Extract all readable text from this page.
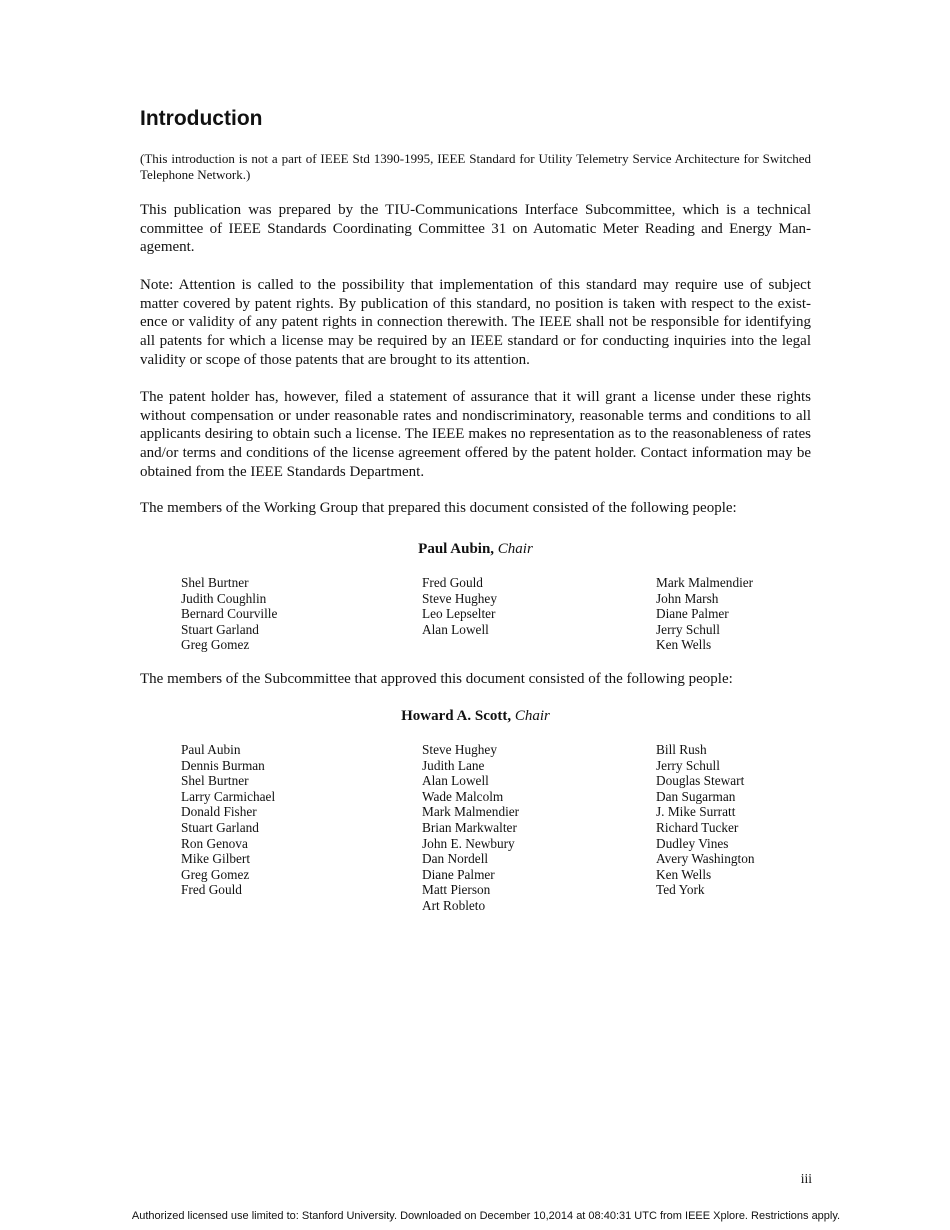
Introduction

(This introduction is not a part of IEEE Std 1390-1995, IEEE Standard for Utility Telemetry Service Architecture for Switched Telephone Network.)

This publication was prepared by the TIU-Communications Interface Subcommittee, which is a technical committee of IEEE Standards Coordinating Committee 31 on Automatic Meter Reading and Energy Management.

Note: Attention is called to the possibility that implementation of this standard may require use of subject matter covered by patent rights. By publication of this standard, no position is taken with respect to the existence or validity of any patent rights in connection therewith. The IEEE shall not be responsible for identifying all patents for which a license may be required by an IEEE standard or for conducting inquiries into the legal validity or scope of those patents that are brought to its attention.

The patent holder has, however, filed a statement of assurance that it will grant a license under these rights without compensation or under reasonable rates and nondiscriminatory, reasonable terms and conditions to all applicants desiring to obtain such a license. The IEEE makes no representation as to the reasonableness of rates and/or terms and conditions of the license agreement offered by the patent holder. Contact information may be obtained from the IEEE Standards Department.

The members of the Working Group that prepared this document consisted of the following people:

Paul Aubin, Chair

Shel Burtner
Judith Coughlin
Bernard Courville
Stuart Garland
Greg Gomez
Fred Gould
Steve Hughey
Leo Lepselter
Alan Lowell
Mark Malmendier
John Marsh
Diane Palmer
Jerry Schull
Ken Wells

The members of the Subcommittee that approved this document consisted of the following people:

Howard A. Scott, Chair

Paul Aubin
Dennis Burman
Shel Burtner
Larry Carmichael
Donald Fisher
Stuart Garland
Ron Genova
Mike Gilbert
Greg Gomez
Fred Gould
Steve Hughey
Judith Lane
Alan Lowell
Wade Malcolm
Mark Malmendier
Brian Markwalter
John E. Newbury
Dan Nordell
Diane Palmer
Matt Pierson
Art Robleto
Bill Rush
Jerry Schull
Douglas Stewart
Dan Sugarman
J. Mike Surratt
Richard Tucker
Dudley Vines
Avery Washington
Ken Wells
Ted York

iii

Authorized licensed use limited to: Stanford University. Downloaded on December 10,2014 at 08:40:31 UTC from IEEE Xplore. Restrictions apply.
